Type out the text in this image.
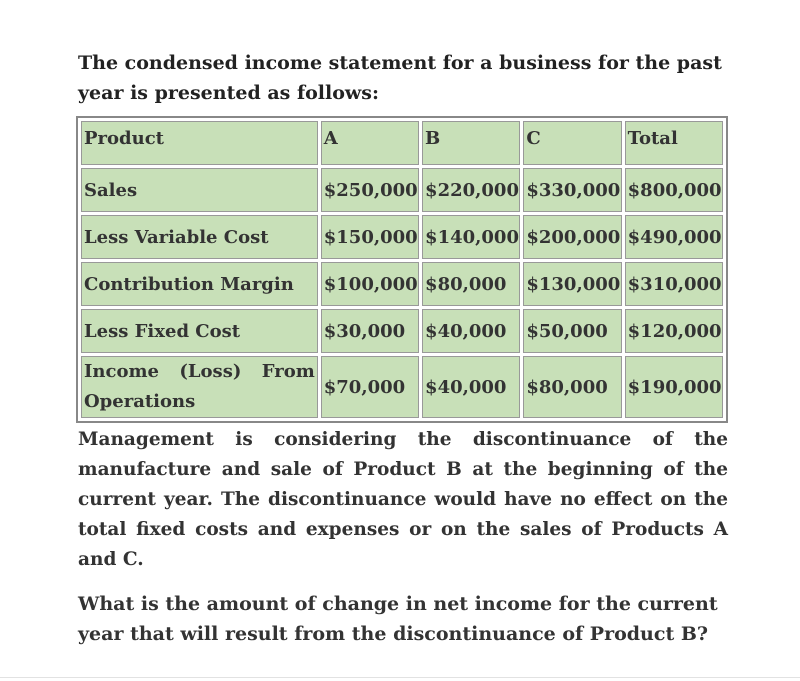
The condensed income statement for a business for the past year is presented as follows:

Product	A	B	C	Total
Sales	$250,000	$220,000	$330,000	$800,000
Less Variable Cost	$150,000	$140,000	$200,000	$490,000
Contribution Margin	$100,000	$80,000	$130,000	$310,000
Less Fixed Cost	$30,000	$40,000	$50,000	$120,000
Income (Loss) From Operations	$70,000	$40,000	$80,000	$190,000

Management is considering the discontinuance of the manufacture and sale of Product B at the beginning of the current year. The discontinuance would have no effect on the total fixed costs and expenses or on the sales of Products A and C.

What is the amount of change in net income for the current year that will result from the discontinuance of Product B?
